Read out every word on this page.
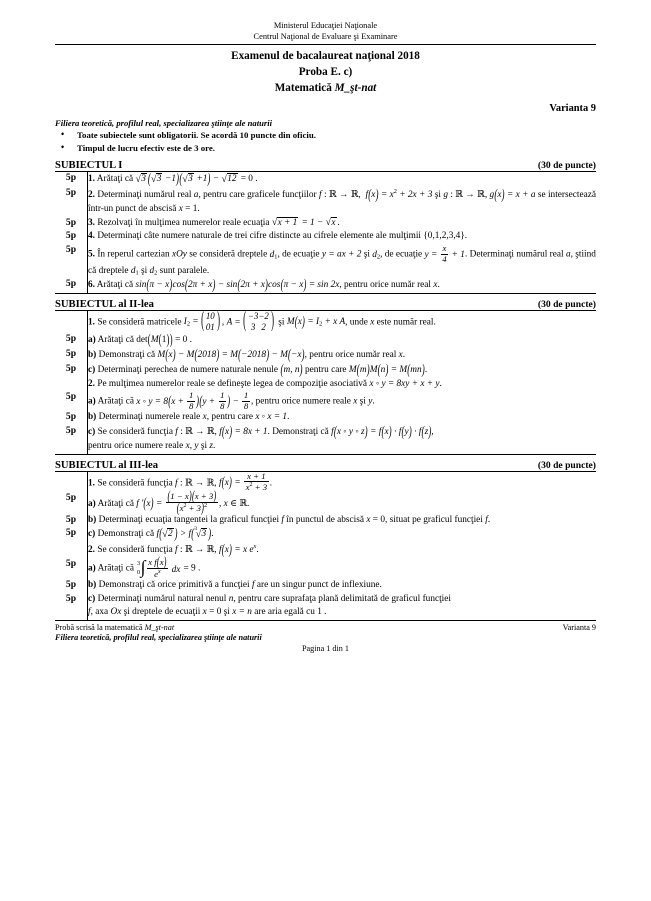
Ministerul Educaţiei Naţionale
Centrul Naţional de Evaluare şi Examinare
Examenul de bacalaureat naţional 2018
Proba E. c)
Matematică M_şt-nat
Varianta 9
Filiera teoretică, profilul real, specializarea ştiinţe ale naturii
• Toate subiectele sunt obligatorii. Se acordă 10 puncte din oficiu.
• Timpul de lucru efectiv este de 3 ore.
SUBIECTUL I	(30 de puncte)
5p	1. Arătaţi că √ 3 ( √ 3 −1)( √ 3 +1) − √ 12 = 0 .
5p	2. Determinaţi numărul real a, pentru care graficele funcţiilor f : ℝ → ℝ,  $f(x) = x^2 + 2x + 3$ şi g : ℝ → ℝ, g(x) = x + a se intersectează într-un punct de abscisă x = 1.
5p	3. Rezolvaţi în mulţimea numerelor reale ecuaţia √ x + 1 = 1 − √ x .
5p	4. Determinaţi câte numere naturale de trei cifre distincte au cifrele elemente ale mulţimii {0,1,2,3,4}.
5p	5. În reperul cartezian xOy se consideră dreptele $d_1$, de ecuaţie y = ax + 2 şi $d_2$, de ecuaţie $y = \frac{x}{4} + 1$. Determinaţi numărul real a, ştiind că dreptele $d_1$ şi $d_2$ sunt paralele.
5p	6. Arătaţi că sin(π − x)cos(2π + x) − sin(2π + x)cos(π − x) = sin 2x, pentru orice număr real x.
SUBIECTUL al II-lea	(30 de puncte)
	1. Se consideră matricele $I_2$ = ( 1	0
0	1 ) , A = ( −3	−2
3	2 ) şi $M(x) = I_2 + x$ A, unde x este număr real.
5p	a) Arătaţi că det(M(1)) = 0 .
5p	b) Demonstraţi că M(x) − M(2018) = M(−2018) − M(−x), pentru orice număr real x.
5p	c) Determinaţi perechea de numere naturale nenule (m, n) pentru care M(m)M(n) = M(mn).
	2. Pe mulţimea numerelor reale se defineşte legea de compoziţie asociativă x ◦ y = 8xy + x + y.
5p	a) Arătaţi că x ◦ $y = 8(x + \frac{1}{8} )(y + \frac{1}{8}$ ) − $\frac{1}{8}$ , pentru orice numere reale x şi y.
5p	b) Determinaţi numerele reale x, pentru care x ◦ x = 1.
5p	c) Se consideră funcţia f : ℝ → ℝ, f(x) = 8x + 1. Demonstraţi că f(x ◦ y ◦ z) = f(x) · f(y) · f(z),
pentru orice numere reale x, y şi z.
SUBIECTUL al III-lea	(30 de puncte)
	1. Se consideră funcţia f : ℝ → ℝ, $f(x) = \frac{x + 1}{x^2 + 3}$ .
5p	a) Arătaţi că f '$(x) = \frac{(1 - x)(x + 3)}{(x^2 + 3)^2}$ , x ∈ ℝ.
5p	b) Determinaţi ecuaţia tangentei la graficul funcţiei f în punctul de abscisă x = 0, situat pe graficul funcţiei f.
5p	c) Demonstraţi că f( √ 2 ) > f( √ 3
3 ).
	2. Se consideră funcţia f : ℝ → ℝ, f(x) = x $e^x$.
5p	a) Arătaţi că 3
0 ∫ $\frac{\text{x f(x)}}{e^x}$ dx = 9 .
5p	b) Demonstraţi că orice primitivă a funcţiei f are un singur punct de inflexiune.
5p	c) Determinaţi numărul natural nenul n, pentru care suprafaţa plană delimitată de graficul funcţiei
f, axa Ox şi dreptele de ecuaţii x = 0 şi x = n are aria egală cu 1 .
Probă scrisă la matematică M_şt-nat	Varianta 9
Filiera teoretică, profilul real, specializarea ştiinţe ale naturii
Pagina 1 din 1
